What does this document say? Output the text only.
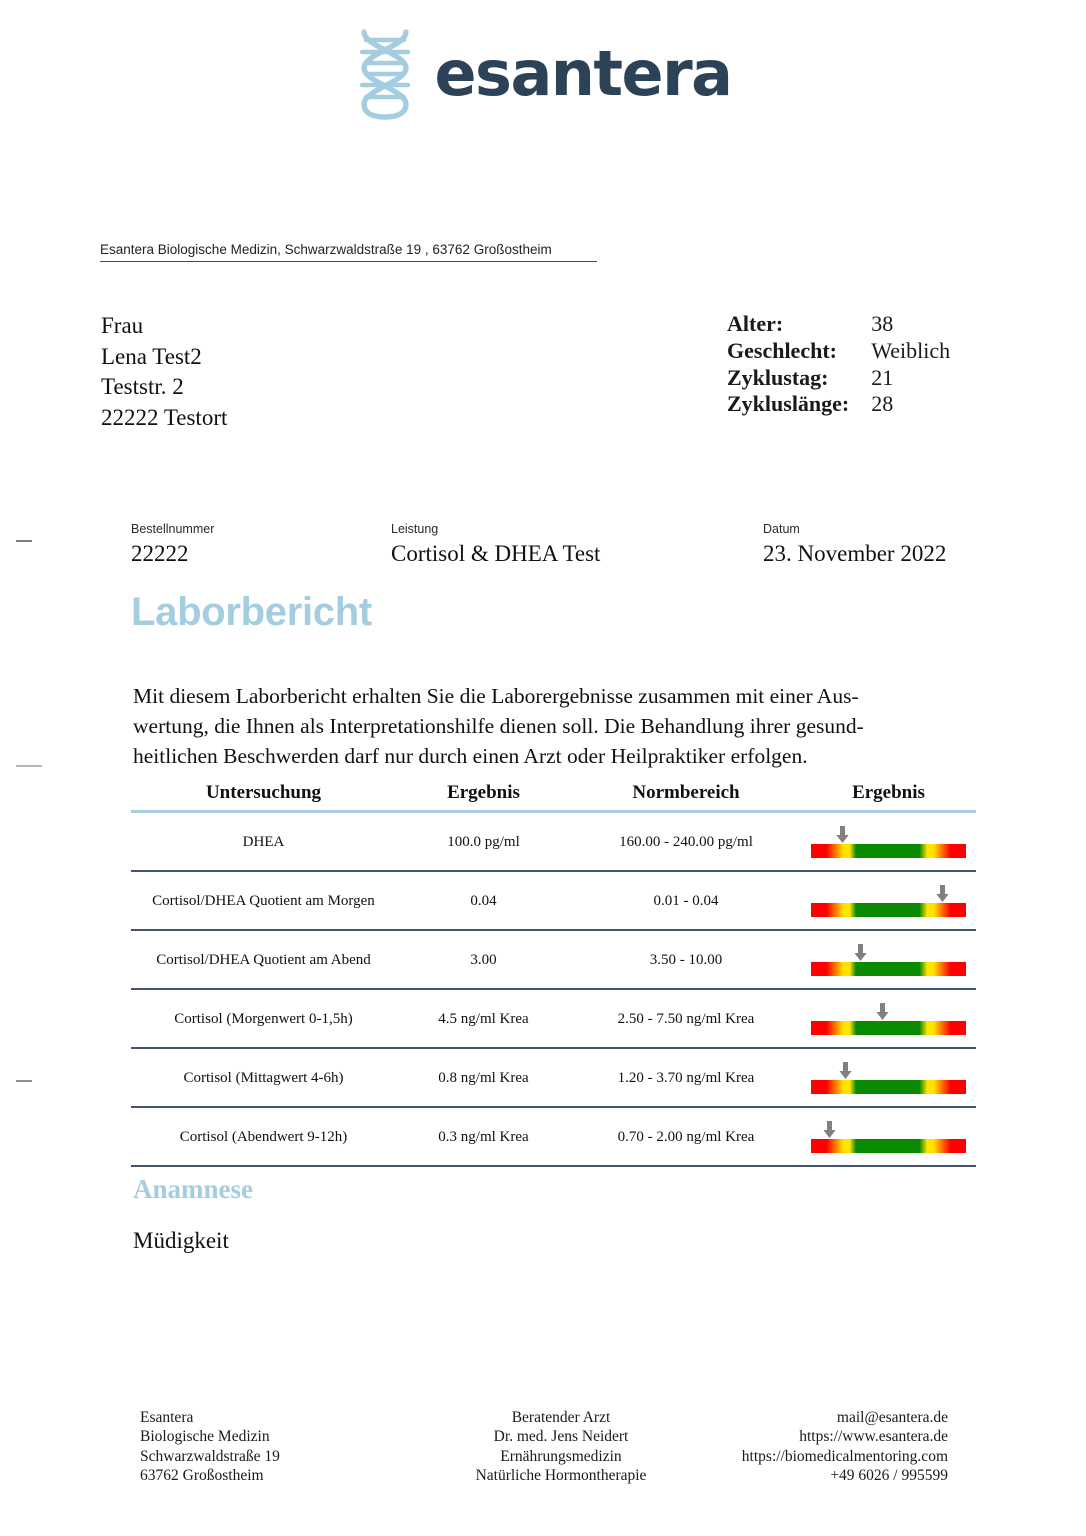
esantera
Esantera Biologische Medizin, Schwarzwaldstraße 19 , 63762 Großostheim
Frau
Lena Test2
Teststr. 2
22222 Testort
Alter:	38
Geschlecht:	Weiblich
Zyklustag:	21
Zykluslänge:	28
Bestellnummer
22222
Leistung
Cortisol & DHEA Test
Datum
23. November 2022
Laborbericht
Mit diesem Laborbericht erhalten Sie die Laborergebnisse zusammen mit einer Aus-
wertung, die Ihnen als Interpretationshilfe dienen soll. Die Behandlung ihrer gesund-
heitlichen Beschwerden darf nur durch einen Arzt oder Heilpraktiker erfolgen.
Untersuchung	Ergebnis	Normbereich	Ergebnis
DHEA	100.0 pg/ml	160.00 - 240.00 pg/ml	

Cortisol/DHEA Quotient am Morgen	0.04	0.01 - 0.04	

Cortisol/DHEA Quotient am Abend	3.00	3.50 - 10.00	

Cortisol (Morgenwert 0-1,5h)	4.5 ng/ml Krea	2.50 - 7.50 ng/ml Krea	

Cortisol (Mittagwert 4-6h)	0.8 ng/ml Krea	1.20 - 3.70 ng/ml Krea	

Cortisol (Abendwert 9-12h)	0.3 ng/ml Krea	0.70 - 2.00 ng/ml Krea	
Anamnese
Müdigkeit
Esantera
Biologische Medizin
Schwarzwaldstraße 19
63762 Großostheim
Beratender Arzt
Dr. med. Jens Neidert
Ernährungsmedizin
Natürliche Hormontherapie
mail@esantera.de
https://www.esantera.de
https://biomedicalmentoring.com
+49 6026 / 995599
